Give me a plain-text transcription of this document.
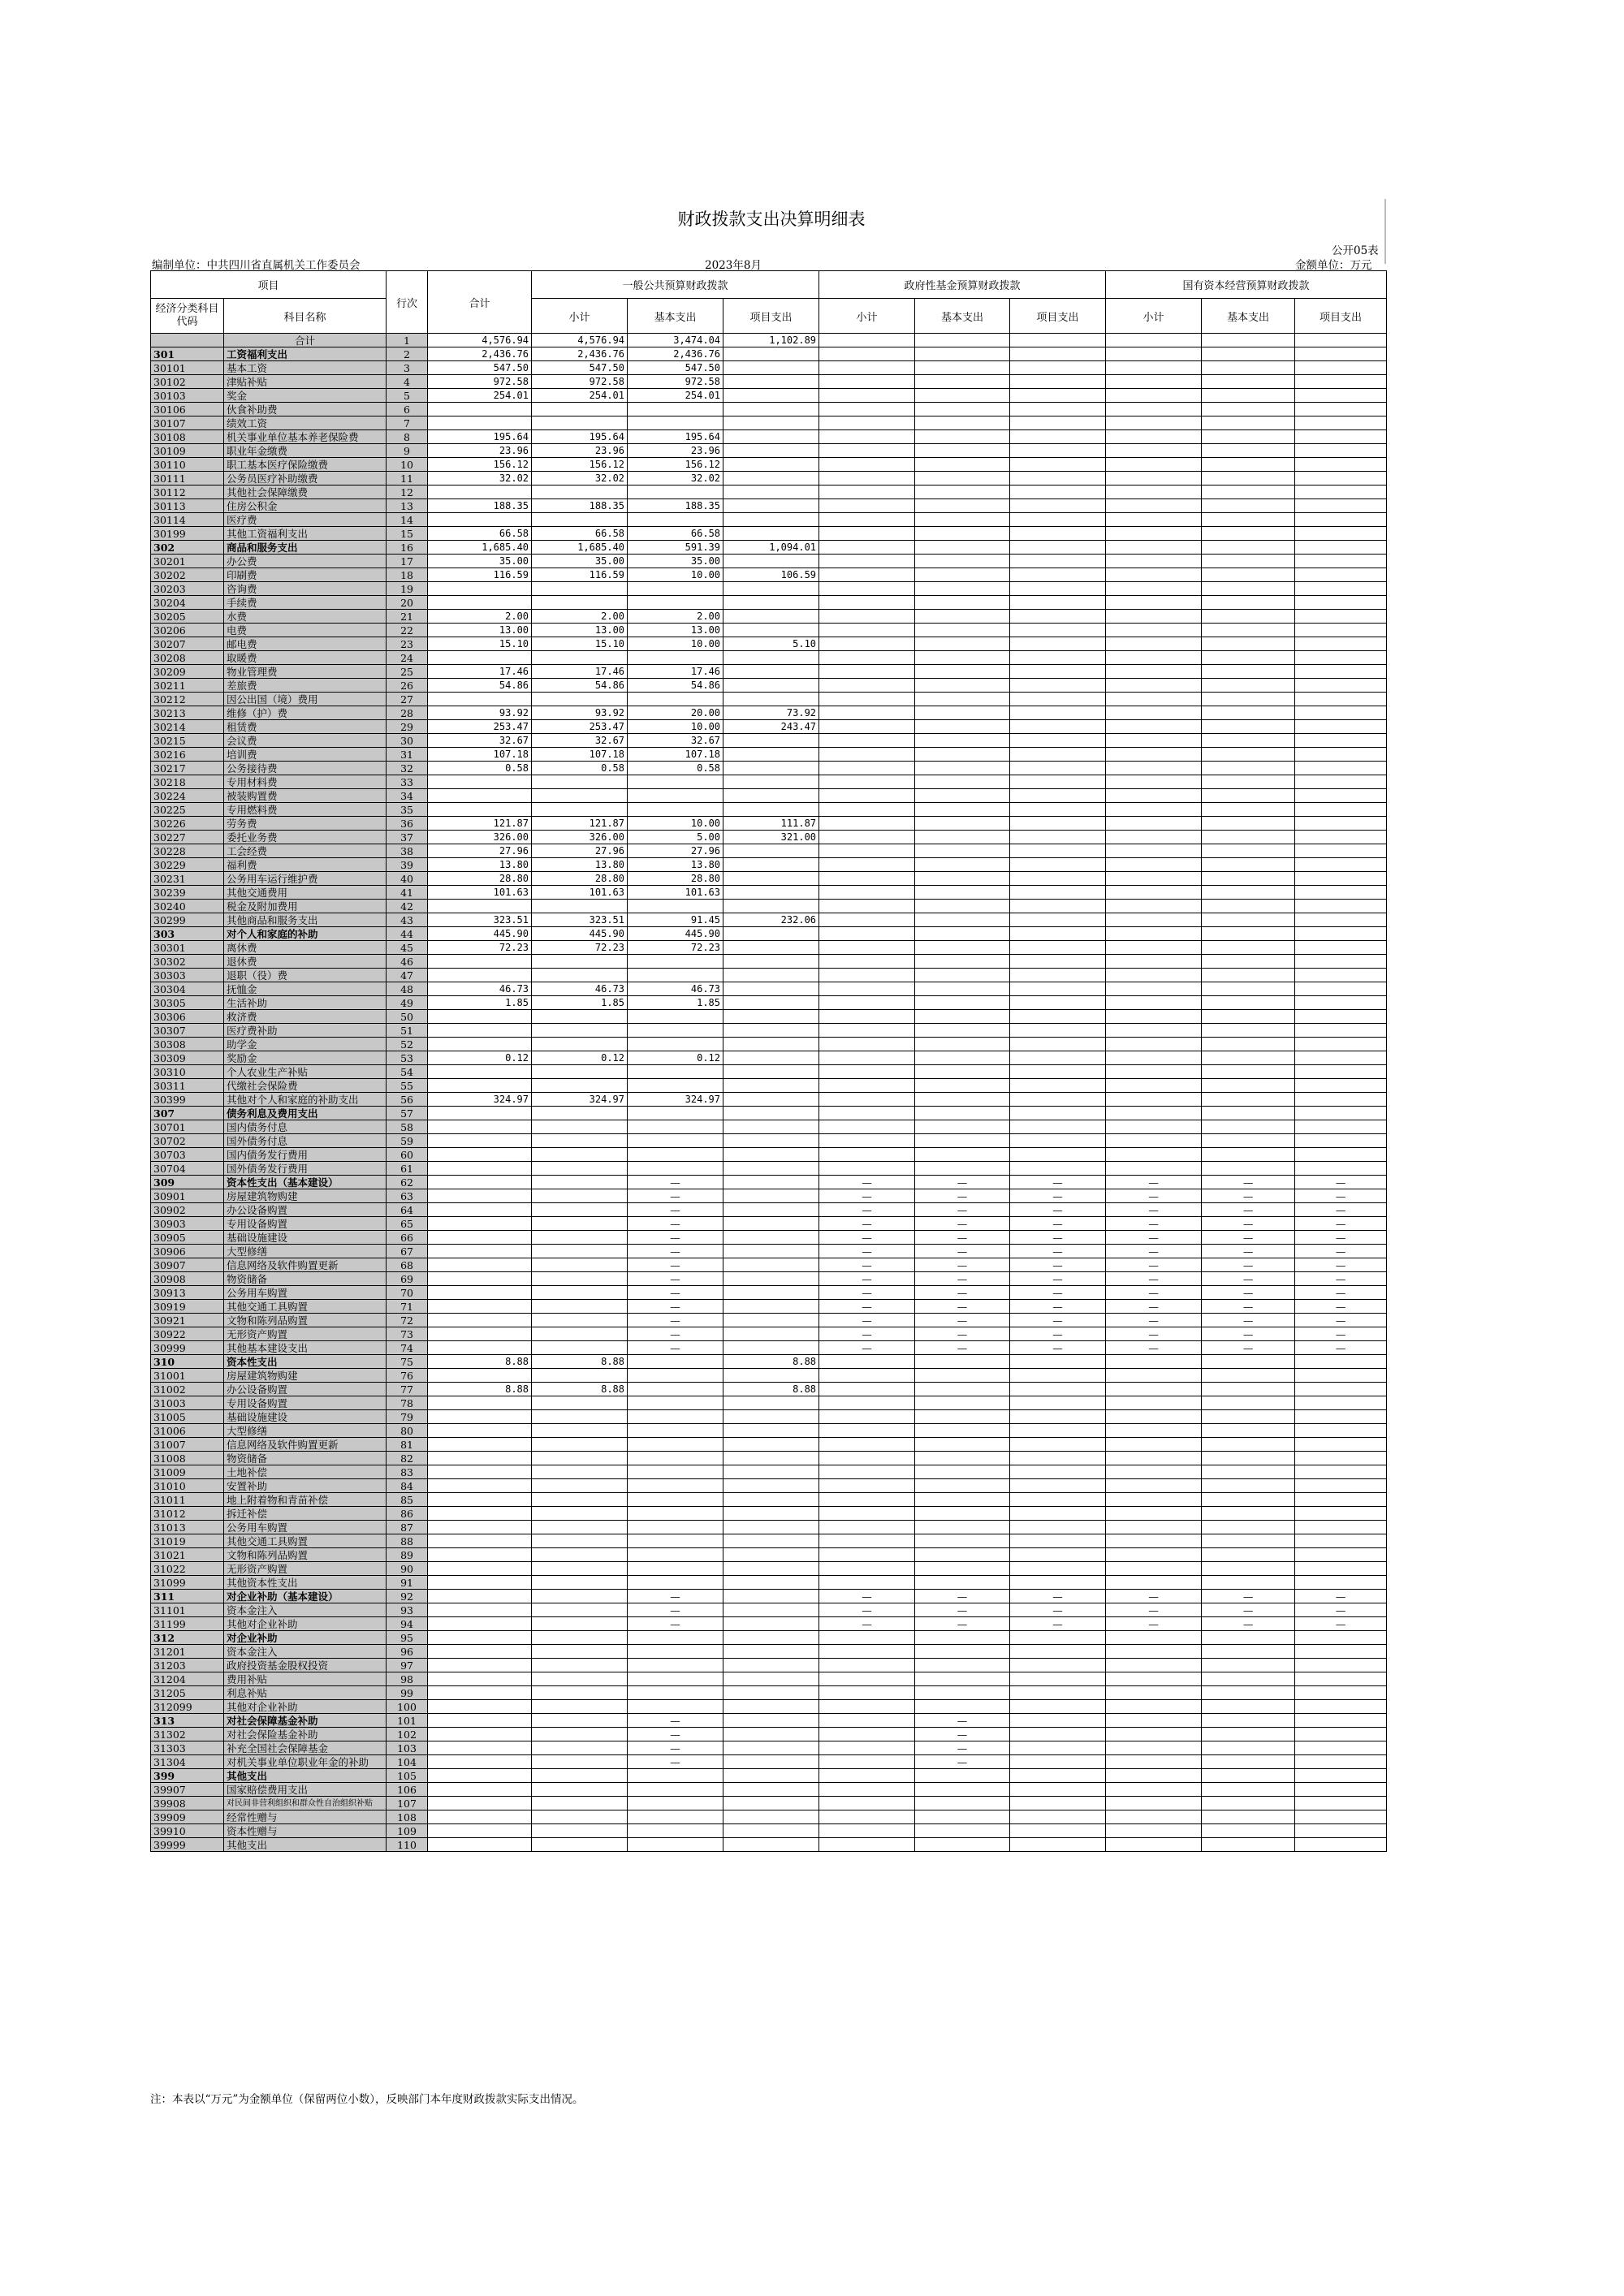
财政拨款支出决算明细表
公开05表
编制单位：中共四川省直属机关工作委员会	2023年8月	金额单位：万元
项目		行次	合计	一般公共预算财政拨款			政府性基金预算财政拨款			国有资本经营预算财政拨款		
经济分类科目代码	科目名称			小计	基本支出	项目支出	小计	基本支出	项目支出	小计	基本支出	项目支出
	合计	1	4,576.94	4,576.94	3,474.04	1,102.89						
301	工资福利支出	2	2,436.76	2,436.76	2,436.76							
30101	基本工资	3	547.50	547.50	547.50							
30102	津贴补贴	4	972.58	972.58	972.58							
30103	奖金	5	254.01	254.01	254.01							
30106	伙食补助费	6										
30107	绩效工资	7										
30108	机关事业单位基本养老保险费	8	195.64	195.64	195.64							
30109	职业年金缴费	9	23.96	23.96	23.96							
30110	职工基本医疗保险缴费	10	156.12	156.12	156.12							
30111	公务员医疗补助缴费	11	32.02	32.02	32.02							
30112	其他社会保障缴费	12										
30113	住房公积金	13	188.35	188.35	188.35							
30114	医疗费	14										
30199	其他工资福利支出	15	66.58	66.58	66.58							
302	商品和服务支出	16	1,685.40	1,685.40	591.39	1,094.01						
30201	办公费	17	35.00	35.00	35.00							
30202	印刷费	18	116.59	116.59	10.00	106.59						
30203	咨询费	19										
30204	手续费	20										
30205	水费	21	2.00	2.00	2.00							
30206	电费	22	13.00	13.00	13.00							
30207	邮电费	23	15.10	15.10	10.00	5.10						
30208	取暖费	24										
30209	物业管理费	25	17.46	17.46	17.46							
30211	差旅费	26	54.86	54.86	54.86							
30212	因公出国（境）费用	27										
30213	维修（护）费	28	93.92	93.92	20.00	73.92						
30214	租赁费	29	253.47	253.47	10.00	243.47						
30215	会议费	30	32.67	32.67	32.67							
30216	培训费	31	107.18	107.18	107.18							
30217	公务接待费	32	0.58	0.58	0.58							
30218	专用材料费	33										
30224	被装购置费	34										
30225	专用燃料费	35										
30226	劳务费	36	121.87	121.87	10.00	111.87						
30227	委托业务费	37	326.00	326.00	5.00	321.00						
30228	工会经费	38	27.96	27.96	27.96							
30229	福利费	39	13.80	13.80	13.80							
30231	公务用车运行维护费	40	28.80	28.80	28.80							
30239	其他交通费用	41	101.63	101.63	101.63							
30240	税金及附加费用	42										
30299	其他商品和服务支出	43	323.51	323.51	91.45	232.06						
303	对个人和家庭的补助	44	445.90	445.90	445.90							
30301	离休费	45	72.23	72.23	72.23							
30302	退休费	46										
30303	退职（役）费	47										
30304	抚恤金	48	46.73	46.73	46.73							
30305	生活补助	49	1.85	1.85	1.85							
30306	救济费	50										
30307	医疗费补助	51										
30308	助学金	52										
30309	奖励金	53	0.12	0.12	0.12							
30310	个人农业生产补贴	54										
30311	代缴社会保险费	55										
30399	其他对个人和家庭的补助支出	56	324.97	324.97	324.97							
307	债务利息及费用支出	57										
30701	国内债务付息	58										
30702	国外债务付息	59										
30703	国内债务发行费用	60										
30704	国外债务发行费用	61										
309	资本性支出（基本建设）	62			—		—	—	—	—	—	—
30901	房屋建筑物购建	63			—		—	—	—	—	—	—
30902	办公设备购置	64			—		—	—	—	—	—	—
30903	专用设备购置	65			—		—	—	—	—	—	—
30905	基础设施建设	66			—		—	—	—	—	—	—
30906	大型修缮	67			—		—	—	—	—	—	—
30907	信息网络及软件购置更新	68			—		—	—	—	—	—	—
30908	物资储备	69			—		—	—	—	—	—	—
30913	公务用车购置	70			—		—	—	—	—	—	—
30919	其他交通工具购置	71			—		—	—	—	—	—	—
30921	文物和陈列品购置	72			—		—	—	—	—	—	—
30922	无形资产购置	73			—		—	—	—	—	—	—
30999	其他基本建设支出	74			—		—	—	—	—	—	—
310	资本性支出	75	8.88	8.88		8.88						
31001	房屋建筑物购建	76										
31002	办公设备购置	77	8.88	8.88		8.88						
31003	专用设备购置	78										
31005	基础设施建设	79										
31006	大型修缮	80										
31007	信息网络及软件购置更新	81										
31008	物资储备	82										
31009	土地补偿	83										
31010	安置补助	84										
31011	地上附着物和青苗补偿	85										
31012	拆迁补偿	86										
31013	公务用车购置	87										
31019	其他交通工具购置	88										
31021	文物和陈列品购置	89										
31022	无形资产购置	90										
31099	其他资本性支出	91										
311	对企业补助（基本建设）	92			—		—	—	—	—	—	—
31101	资本金注入	93			—		—	—	—	—	—	—
31199	其他对企业补助	94			—		—	—	—	—	—	—
312	对企业补助	95										
31201	资本金注入	96										
31203	政府投资基金股权投资	97										
31204	费用补贴	98										
31205	利息补贴	99										
312099	其他对企业补助	100										
313	对社会保障基金补助	101			—			—				
31302	对社会保险基金补助	102			—			—				
31303	补充全国社会保障基金	103			—			—				
31304	对机关事业单位职业年金的补助	104			—			—				
399	其他支出	105										
39907	国家赔偿费用支出	106										
39908	对民间非营利组织和群众性自治组织补贴	107										
39909	经常性赠与	108										
39910	资本性赠与	109										
39999	其他支出	110										
注：本表以“万元”为金额单位（保留两位小数），反映部门本年度财政拨款实际支出情况。
